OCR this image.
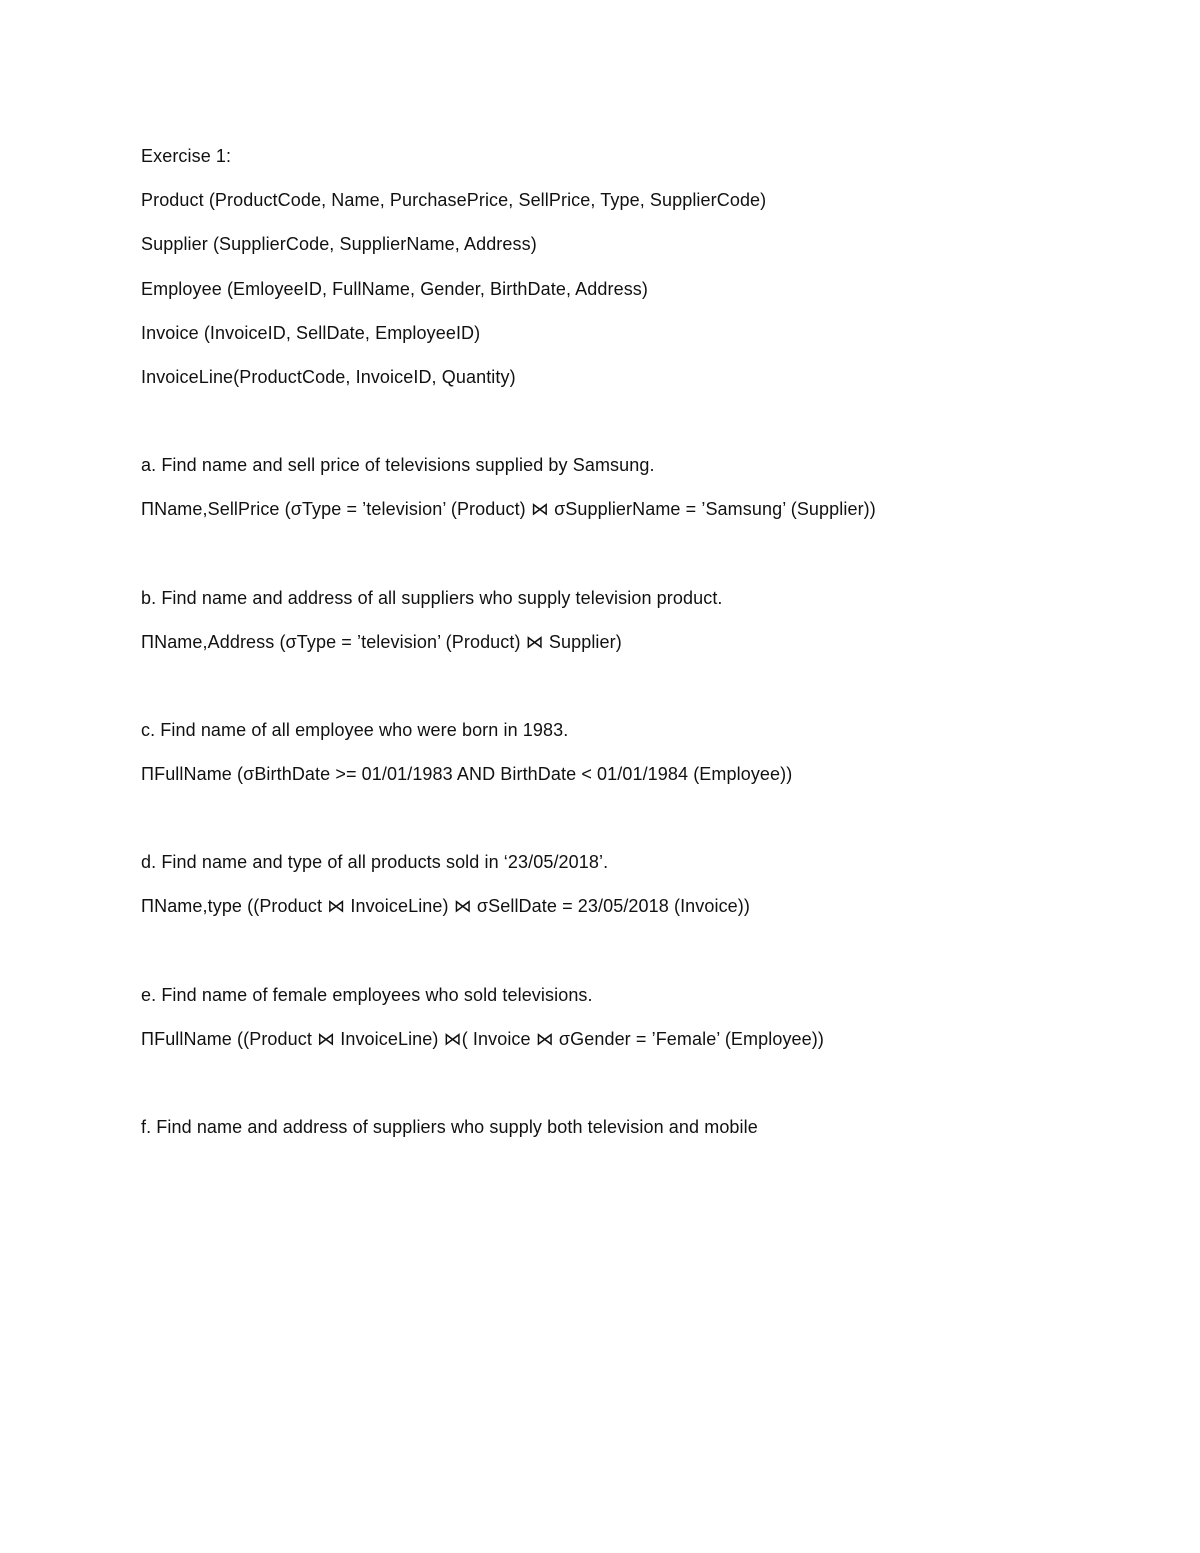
Exercise 1:
Product (ProductCode, Name, PurchasePrice, SellPrice, Type, SupplierCode)
Supplier (SupplierCode, SupplierName, Address)
Employee (EmloyeeID, FullName, Gender, BirthDate, Address)
Invoice (InvoiceID, SellDate, EmployeeID)
InvoiceLine(ProductCode, InvoiceID, Quantity)
a. Find name and sell price of televisions supplied by Samsung.
ΠName,SellPrice (σType = ’television’ (Product) ⋈ σSupplierName = ’Samsung’ (Supplier))
b. Find name and address of all suppliers who supply television product.
ΠName,Address (σType = ’television’ (Product) ⋈ Supplier)
c. Find name of all employee who were born in 1983.
ΠFullName (σBirthDate >= 01/01/1983 AND BirthDate < 01/01/1984 (Employee))
d. Find name and type of all products sold in ‘23/05/2018’.
ΠName,type ((Product ⋈ InvoiceLine) ⋈ σSellDate = 23/05/2018 (Invoice))
e. Find name of female employees who sold televisions.
ΠFullName ((Product ⋈ InvoiceLine) ⋈( Invoice ⋈ σGender = ’Female’ (Employee))
f. Find name and address of suppliers who supply both television and mobile
